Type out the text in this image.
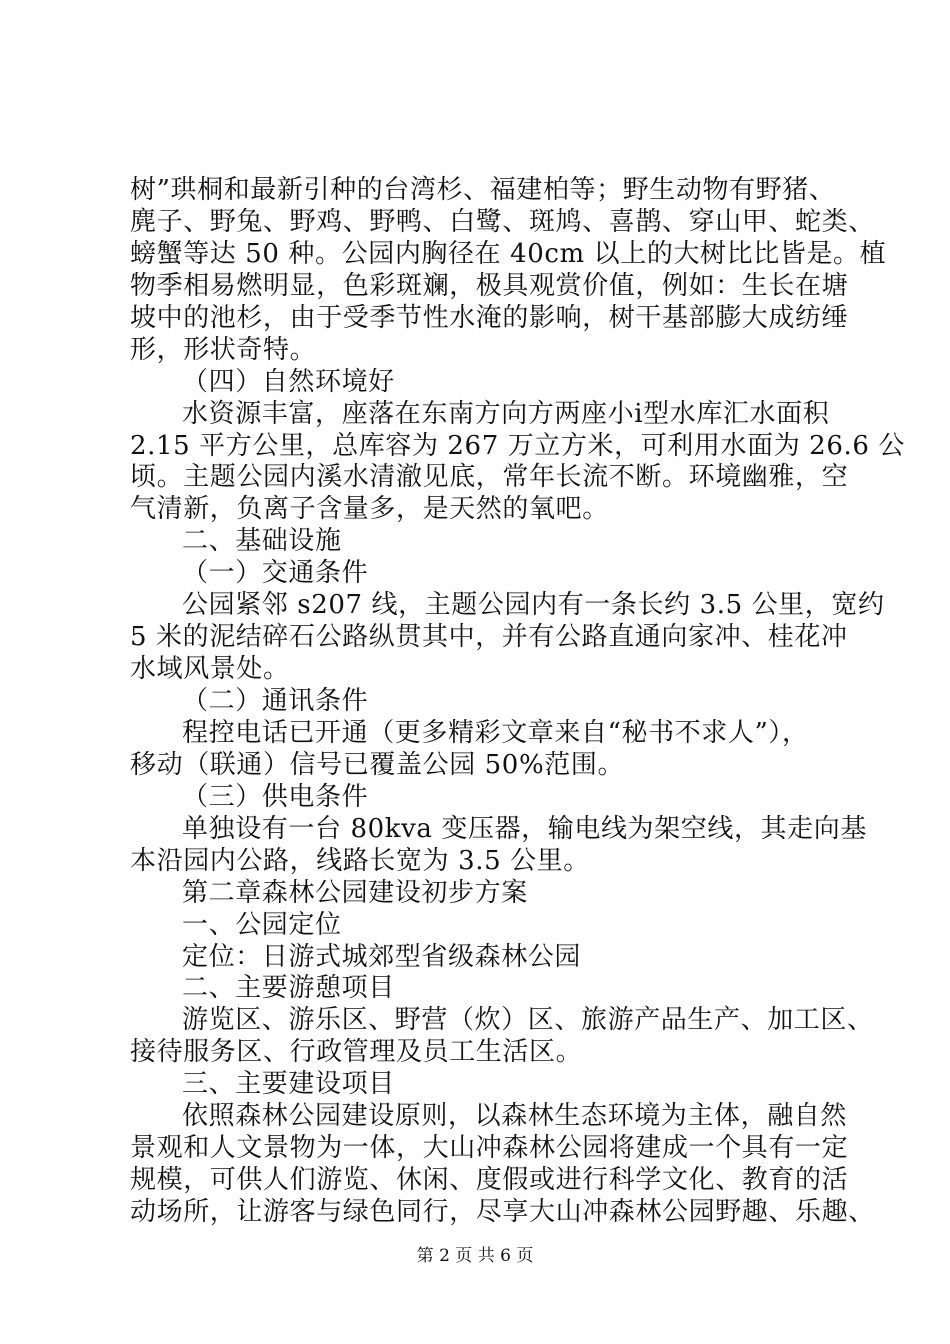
树”珙桐和最新引种的台湾杉、福建柏等；野生动物有野猪、
麂子、野兔、野鸡、野鸭、白鹭、斑鸠、喜鹊、穿山甲、蛇类、
螃蟹等达 50 种。公园内胸径在 40cm 以上的大树比比皆是。植
物季相易燃明显，色彩斑斓，极具观赏价值，例如：生长在塘
坡中的池杉，由于受季节性水淹的影响，树干基部膨大成纺缍
形，形状奇特。
（四）自然环境好
水资源丰富，座落在东南方向方两座小ⅰ型水库汇水面积
2.15 平方公里，总库容为 267 万立方米，可利用水面为 26.6 公
顷。主题公园内溪水清澈见底，常年长流不断。环境幽雅，空
气清新，负离子含量多，是天然的氧吧。
二、基础设施
（一）交通条件
公园紧邻 s207 线，主题公园内有一条长约 3.5 公里，宽约
5 米的泥结碎石公路纵贯其中，并有公路直通向家冲、桂花冲
水域风景处。
（二）通讯条件
程控电话已开通（更多精彩文章来自“秘书不求人”），
移动（联通）信号已覆盖公园 50%范围。
（三）供电条件
单独设有一台 80kva 变压器，输电线为架空线，其走向基
本沿园内公路，线路长宽为 3.5 公里。
第二章森林公园建设初步方案
一、公园定位
定位：日游式城郊型省级森林公园
二、主要游憩项目
游览区、游乐区、野营（炊）区、旅游产品生产、加工区、
接待服务区、行政管理及员工生活区。
三、主要建设项目
依照森林公园建设原则，以森林生态环境为主体，融自然
景观和人文景物为一体，大山冲森林公园将建成一个具有一定
规模，可供人们游览、休闲、度假或进行科学文化、教育的活
动场所，让游客与绿色同行，尽享大山冲森林公园野趣、乐趣、
第 2 页 共 6 页
